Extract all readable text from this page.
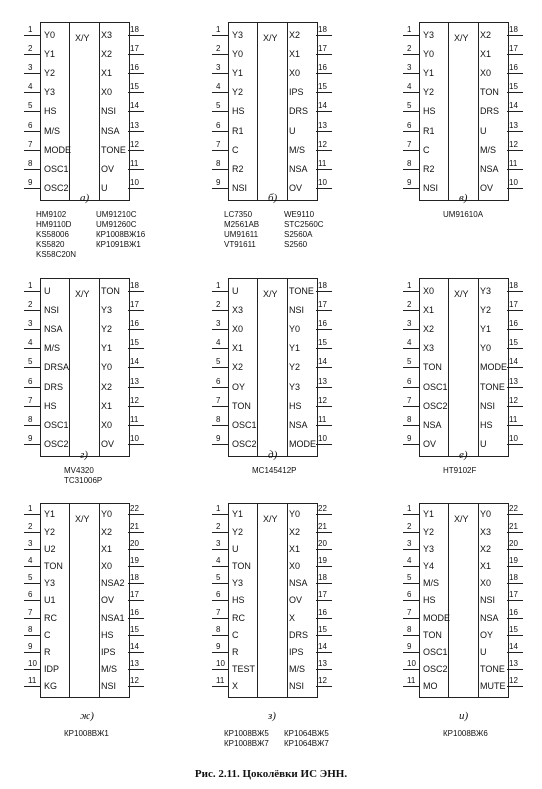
Рис. 2.11. Цоколёвки ИС ЭНН.
X/Y
1
Y0
2
Y1
3
Y2
4
Y3
5
HS
6
M/S
7
MODE
8
OSC1
9
OSC2
18
X3
17
X2
16
X1
15
X0
14
NSI
13
NSA
12
TONE
11
OV
10
U
а)
HM9102	UM91210C
HM9110D	UM91260C
KS58006	КР1008ВЖ16
KS5820	КР1091ВЖ1
KS58C20N
X/Y
1
Y3
2
Y0
3
Y1
4
Y2
5
HS
6
R1
7
C
8
R2
9
NSI
18
X2
17
X1
16
X0
15
IPS
14
DRS
13
U
12
M/S
11
NSA
10
OV
б)
LC7350	WE9110
M2561AB	STC2560C
UM91611	S2560A
VT91611	S2560
X/Y
1
Y3
2
Y0
3
Y1
4
Y2
5
HS
6
R1
7
C
8
R2
9
NSI
18
X2
17
X1
16
X0
15
TON
14
DRS
13
U
12
M/S
11
NSA
10
OV
в)
UM91610A
X/Y
1
U
2
NSI
3
NSA
4
M/S
5
DRSA
6
DRS
7
HS
8
OSC1
9
OSC2
18
TON
17
Y3
16
Y2
15
Y1
14
Y0
13
X2
12
X1
11
X0
10
OV
г)
MV4320
TC31006P
X/Y
1
U
2
X3
3
X0
4
X1
5
X2
6
OY
7
TON
8
OSC1
9
OSC2
18
TONE
17
NSI
16
Y0
15
Y1
14
Y2
13
Y3
12
HS
11
NSA
10
MODE
д)
MC145412P
X/Y
1
X0
2
X1
3
X2
4
X3
5
TON
6
OSC1
7
OSC2
8
NSA
9
OV
18
Y3
17
Y2
16
Y1
15
Y0
14
MODE
13
TONE
12
NSI
11
HS
10
U
е)
HT9102F
X/Y
1
Y1
2
Y2
3
U2
4
TON
5
Y3
6
U1
7
RC
8
C
9
R
10
IDP
11
KG
22
Y0
21
X2
20
X1
19
X0
18
NSA2
17
OV
16
NSA1
15
HS
14
IPS
13
M/S
12
NSI
ж)
КР1008ВЖ1
X/Y
1
Y1
2
Y2
3
U
4
TON
5
Y3
6
HS
7
RC
8
C
9
R
10
TEST
11
X
22
Y0
21
X2
20
X1
19
X0
18
NSA
17
OV
16
X
15
DRS
14
IPS
13
M/S
12
NSI
з)
КР1008ВЖ5 КР1064ВЖ5
КР1008ВЖ7 КР1064ВЖ7
X/Y
1
Y1
2
Y2
3
Y3
4
Y4
5
M/S
6
HS
7
MODE
8
TON
9
OSC1
10
OSC2
11
MO
22
Y0
21
X3
20
X2
19
X1
18
X0
17
NSI
16
NSA
15
OY
14
U
13
TONE
12
MUTE
и)
КР1008ВЖ6
